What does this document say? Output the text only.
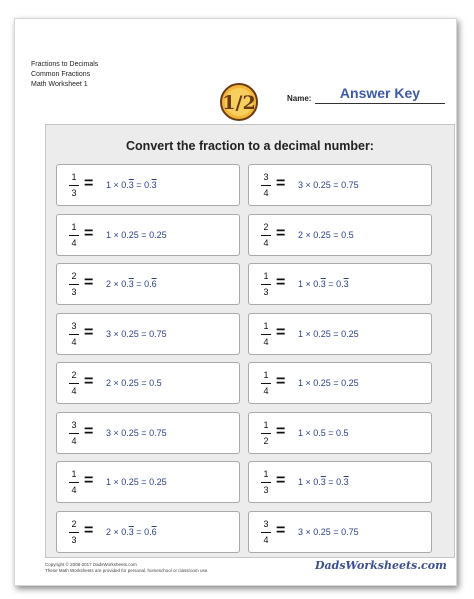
Fractions to Decimals
Common Fractions
Math Worksheet 1
1/2	Name:	Answer Key
Convert the fraction to a decimal number:
1
3
= 1 × 0.3 = 0.3
3
4
= 3 × 0.25 = 0.75
1
4
= 1 × 0.25 = 0.25
2
4
= 2 × 0.25 = 0.5
2
3
= 2 × 0.3 = 0.6
1
3
= 1 × 0.3 = 0.3
3
4
= 3 × 0.25 = 0.75
1
4
= 1 × 0.25 = 0.25
2
4
= 2 × 0.25 = 0.5
1
4
= 1 × 0.25 = 0.25
3
4
= 3 × 0.25 = 0.75
1
2
= 1 × 0.5 = 0.5
1
4
= 1 × 0.25 = 0.25
1
3
= 1 × 0.3 = 0.3
2
3
= 2 × 0.3 = 0.6
3
4
= 3 × 0.25 = 0.75
Copyright © 2008-2017 DadsWorksheets.com
These Math Worksheets are provided for personal, homeschool or classroom use.	DadsWorksheets.com
